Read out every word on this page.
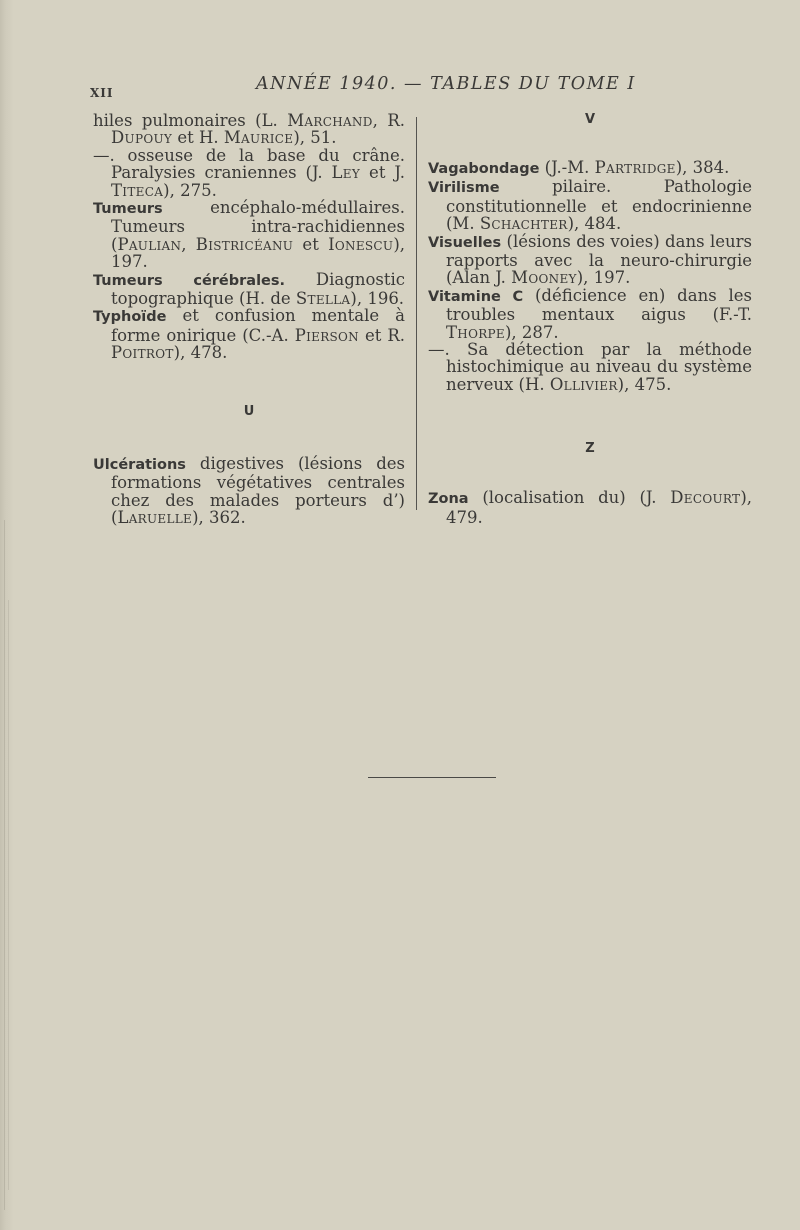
XII	ANNÉE 1940. — TABLES DU TOME I
hiles pulmonaires (L. Marchand, R. Dupouy et H. Maurice), 51.
—. osseuse de la base du crâne. Paralysies craniennes (J. Ley et J. Titeca), 275.
Tumeurs encéphalo-médullaires. Tumeurs intra-rachidiennes (Paulian, Bistricéanu et Ionescu), 197.
Tumeurs cérébrales. Diagnostic topographique (H. de Stella), 196.
Typhoïde et confusion mentale à forme onirique (C.-A. Pierson et R. Poitrot), 478.
U
Ulcérations digestives (lésions des formations végétatives centrales chez des malades porteurs d’) (Laruelle), 362.
V
Vagabondage (J.-M. Partridge), 384.
Virilisme pilaire. Pathologie constitutionnelle et endocrinienne (M. Schachter), 484.
Visuelles (lésions des voies) dans leurs rapports avec la neuro-chirurgie (Alan J. Mooney), 197.
Vitamine C (déficience en) dans les troubles mentaux aigus (F.-T. Thorpe), 287.
—. Sa détection par la méthode histochimique au niveau du système nerveux (H. Ollivier), 475.
Z
Zona (localisation du) (J. Decourt), 479.
